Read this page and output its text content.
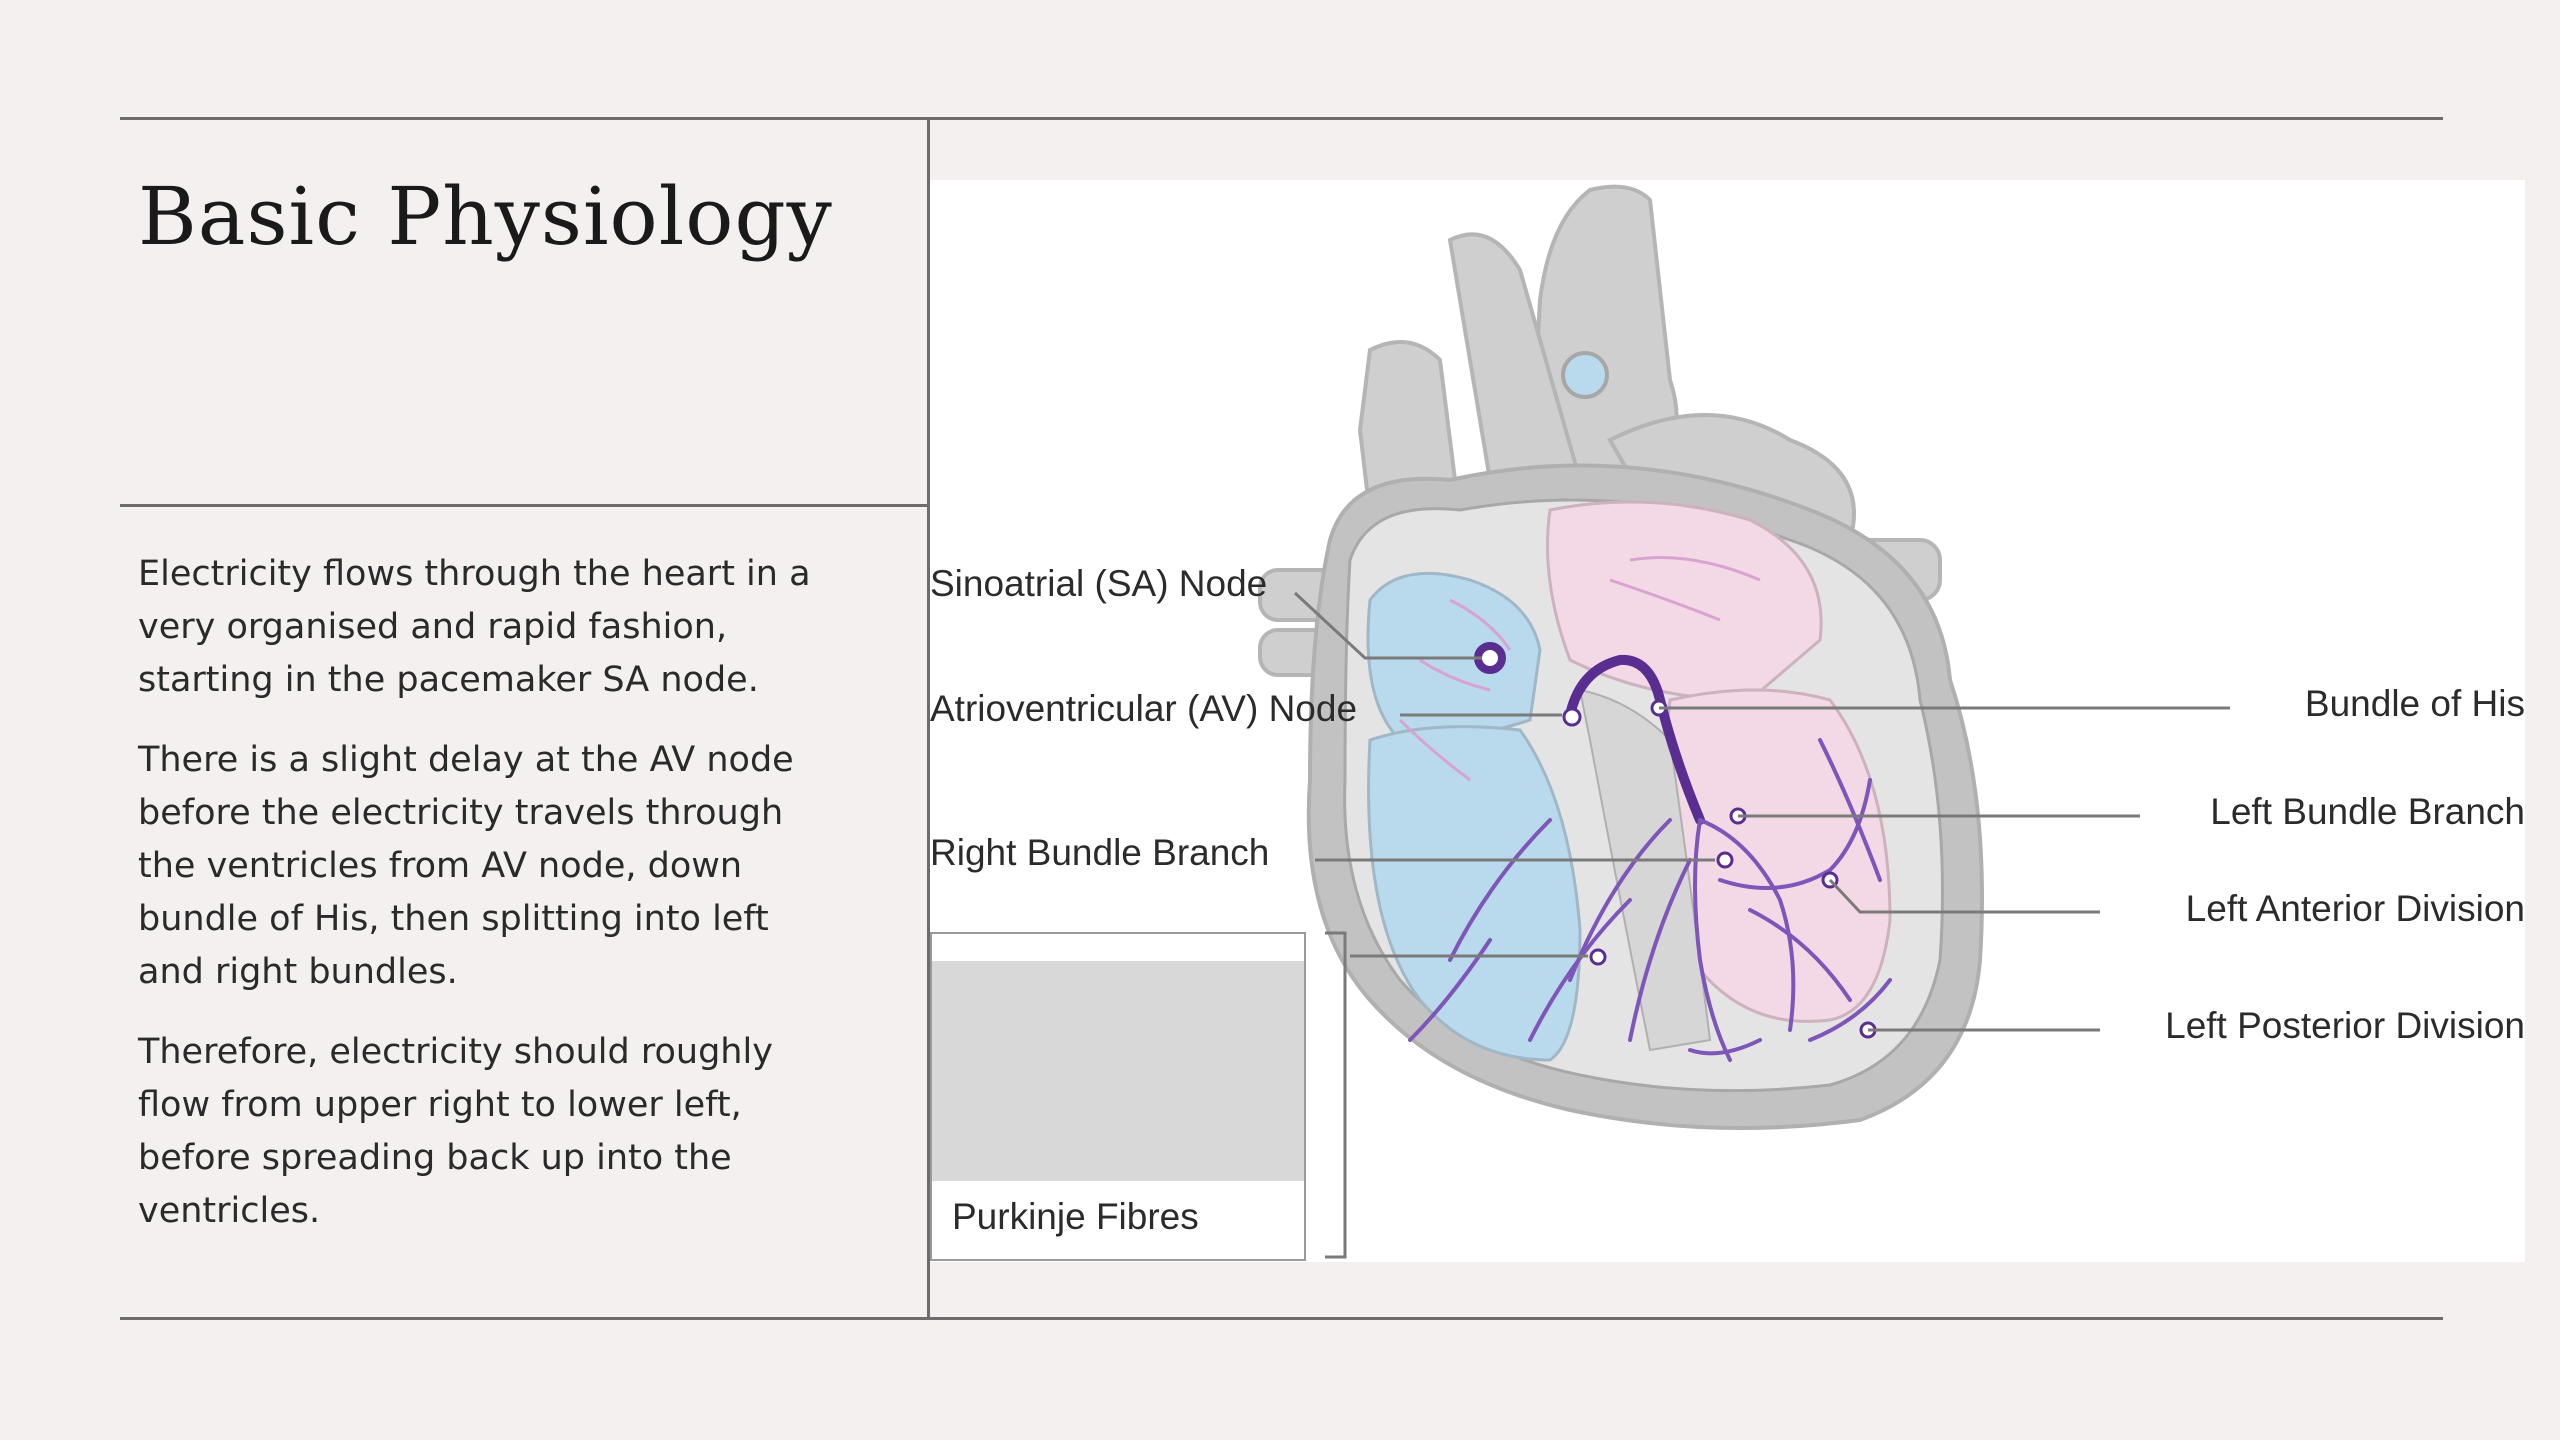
Basic Physiology

Electricity flows through the heart in a very organised and rapid fashion, starting in the pacemaker SA node.

There is a slight delay at the AV node before the electricity travels through the ventricles from AV node, down bundle of His, then splitting into left and right bundles.

Therefore, electricity should roughly flow from upper right to lower left, before spreading back up into the ventricles.	Purkinje Fibres
Sinoatrial (SA) Node
Atrioventricular (AV) Node
Right Bundle Branch
Bundle of His
Left Bundle Branch
Left Anterior Division
Left Posterior Division
